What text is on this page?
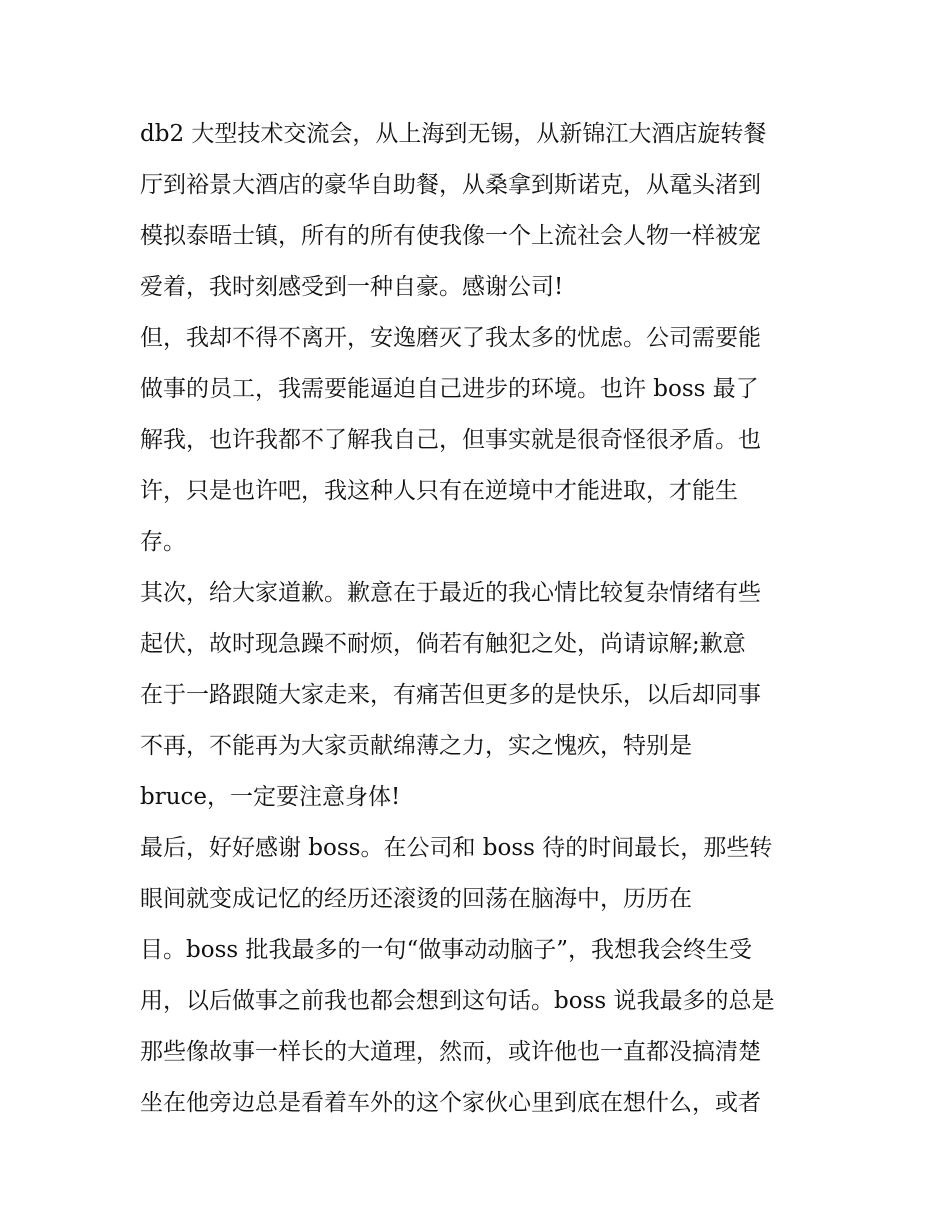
db2 大型技术交流会，从上海到无锡，从新锦江大酒店旋转餐
厅到裕景大酒店的豪华自助餐，从桑拿到斯诺克，从鼋头渚到
模拟泰晤士镇，所有的所有使我像一个上流社会人物一样被宠
爱着，我时刻感受到一种自豪。感谢公司!
但，我却不得不离开，安逸磨灭了我太多的忧虑。公司需要能
做事的员工，我需要能逼迫自己进步的环境。也许 boss 最了
解我，也许我都不了解我自己，但事实就是很奇怪很矛盾。也
许，只是也许吧，我这种人只有在逆境中才能进取，才能生
存。
其次，给大家道歉。歉意在于最近的我心情比较复杂情绪有些
起伏，故时现急躁不耐烦，倘若有触犯之处，尚请谅解;歉意
在于一路跟随大家走来，有痛苦但更多的是快乐，以后却同事
不再，不能再为大家贡献绵薄之力，实之愧疚，特别是
bruce，一定要注意身体!
最后，好好感谢 boss。在公司和 boss 待的时间最长，那些转
眼间就变成记忆的经历还滚烫的回荡在脑海中，历历在
目。boss 批我最多的一句“做事动动脑子”，我想我会终生受
用，以后做事之前我也都会想到这句话。boss 说我最多的总是
那些像故事一样长的大道理，然而，或许他也一直都没搞清楚
坐在他旁边总是看着车外的这个家伙心里到底在想什么，或者
